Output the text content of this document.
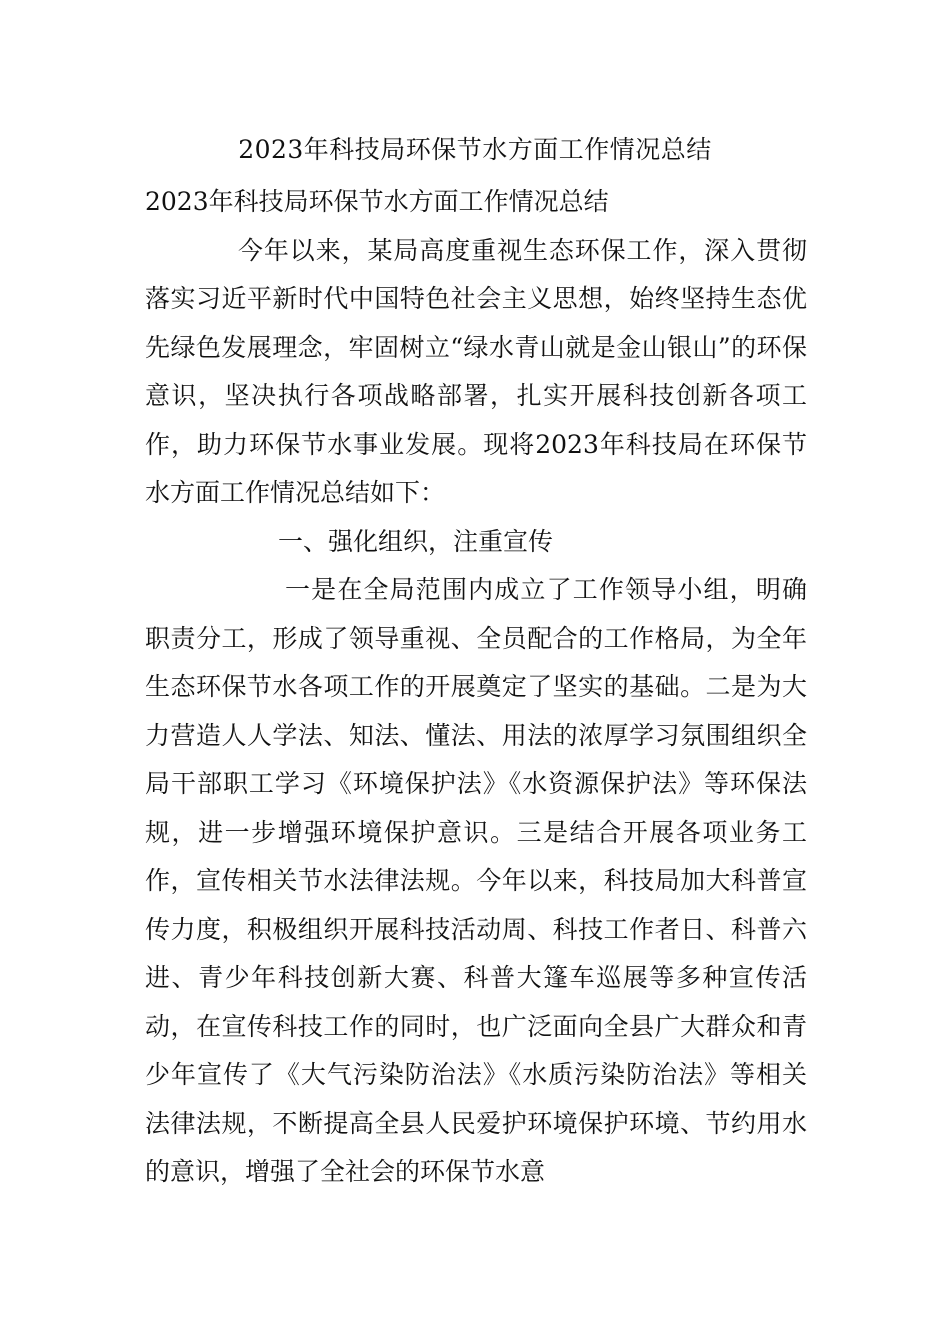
2023年科技局环保节水方面工作情况总结

2023年科技局环保节水方面工作情况总结

今年以来，某局高度重视生态环保工作，深入贯彻落实习近平新时代中国特色社会主义思想，始终坚持生态优先绿色发展理念，牢固树立“绿水青山就是金山银山”的环保意识，坚决执行各项战略部署，扎实开展科技创新各项工作，助力环保节水事业发展。现将2023年科技局在环保节水方面工作情况总结如下：

一、强化组织，注重宣传

一是在全局范围内成立了工作领导小组，明确职责分工，形成了领导重视、全员配合的工作格局，为全年生态环保节水各项工作的开展奠定了坚实的基础。二是为大力营造人人学法、知法、懂法、用法的浓厚学习氛围组织全局干部职工学习《环境保护法》《水资源保护法》等环保法规，进一步增强环境保护意识。三是结合开展各项业务工作，宣传相关节水法律法规。今年以来，科技局加大科普宣传力度，积极组织开展科技活动周、科技工作者日、科普六进、青少年科技创新大赛、科普大篷车巡展等多种宣传活动，在宣传科技工作的同时，也广泛面向全县广大群众和青少年宣传了《大气污染防治法》《水质污染防治法》等相关法律法规，不断提高全县人民爱护环境保护环境、节约用水的意识，增强了全社会的环保节水意
